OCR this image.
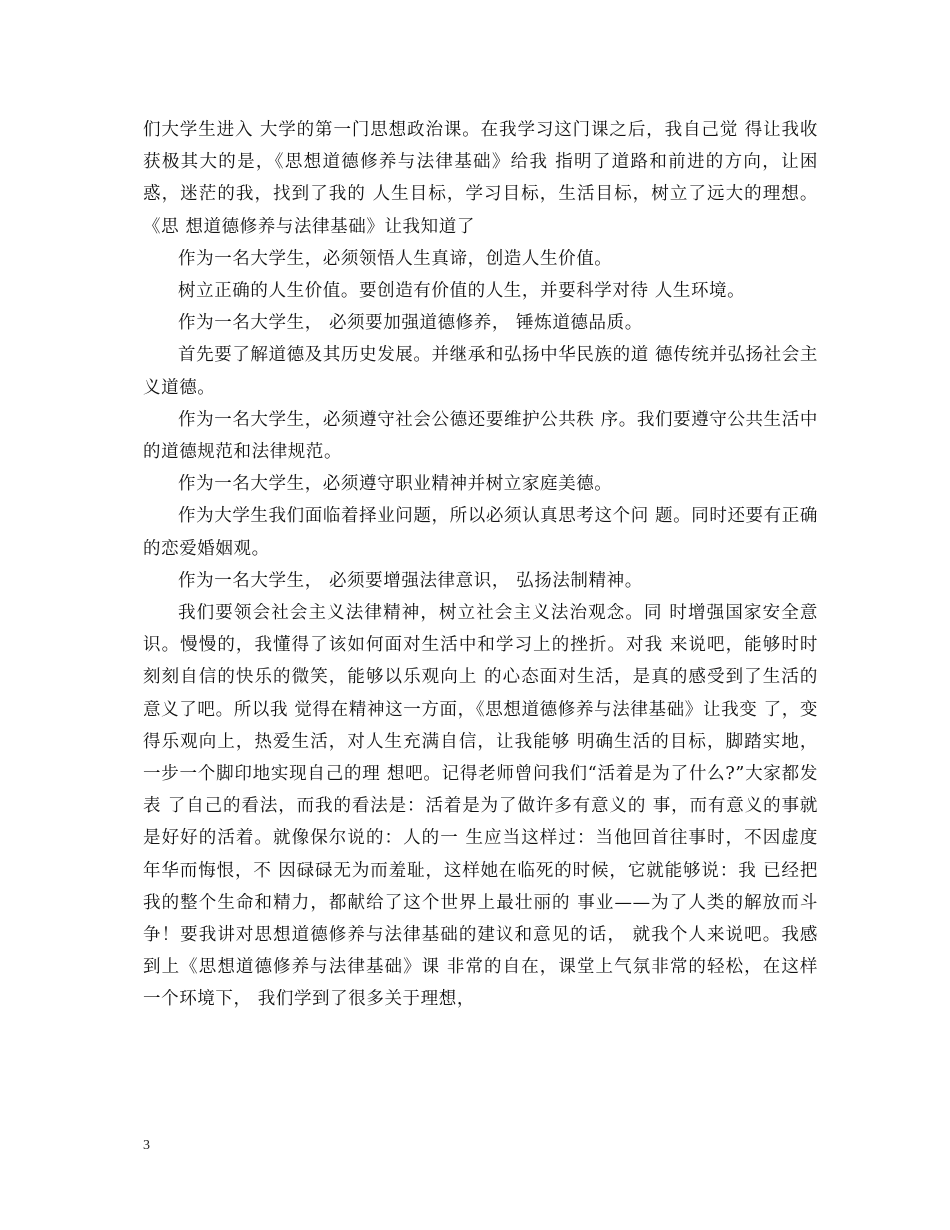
们大学生进入 大学的第一门思想政治课。在我学习这门课之后，我自己觉 得让我收获极其大的是，《思想道德修养与法律基础》给我 指明了道路和前进的方向，让困惑，迷茫的我，找到了我的 人生目标，学习目标，生活目标，树立了远大的理想。《思 想道德修养与法律基础》让我知道了

作为一名大学生，必须领悟人生真谛，创造人生价值。

树立正确的人生价值。要创造有价值的人生，并要科学对待 人生环境。

作为一名大学生， 必须要加强道德修养， 锤炼道德品质。

首先要了解道德及其历史发展。并继承和弘扬中华民族的道 德传统并弘扬社会主义道德。

作为一名大学生，必须遵守社会公德还要维护公共秩 序。我们要遵守公共生活中的道德规范和法律规范。

作为一名大学生，必须遵守职业精神并树立家庭美德。

作为大学生我们面临着择业问题，所以必须认真思考这个问 题。同时还要有正确的恋爱婚姻观。

作为一名大学生， 必须要增强法律意识， 弘扬法制精神。

我们要领会社会主义法律精神，树立社会主义法治观念。同 时增强国家安全意识。慢慢的，我懂得了该如何面对生活中和学习上的挫折。对我 来说吧，能够时时刻刻自信的快乐的微笑，能够以乐观向上 的心态面对生活，是真的感受到了生活的意义了吧。所以我 觉得在精神这一方面，《思想道德修养与法律基础》让我变 了，变得乐观向上，热爱生活，对人生充满自信，让我能够 明确生活的目标，脚踏实地，一步一个脚印地实现自己的理 想吧。记得老师曾问我们“活着是为了什么?”大家都发表 了自己的看法，而我的看法是：活着是为了做许多有意义的 事，而有意义的事就是好好的活着。就像保尔说的：人的一 生应当这样过：当他回首往事时，不因虚度年华而悔恨，不 因碌碌无为而羞耻，这样她在临死的时候，它就能够说：我 已经把我的整个生命和精力，都献给了这个世界上最壮丽的 事业——为了人类的解放而斗争！要我讲对思想道德修养与法律基础的建议和意见的话， 就我个人来说吧。我感到上《思想道德修养与法律基础》课 非常的自在，课堂上气氛非常的轻松，在这样一个环境下， 我们学到了很多关于理想，

3
